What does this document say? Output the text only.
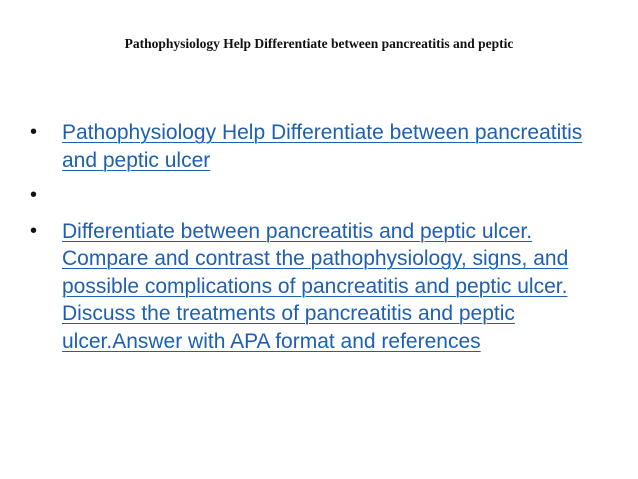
Pathophysiology Help Differentiate between pancreatitis and peptic
•	Pathophysiology Help Differentiate between pancreatitis and peptic ulcer
•
•	Differentiate between pancreatitis and peptic ulcer. Compare and contrast the pathophysiology, signs, and possible complications of pancreatitis and peptic ulcer. Discuss the treatments of pancreatitis and peptic ulcer.Answer with APA format and references
